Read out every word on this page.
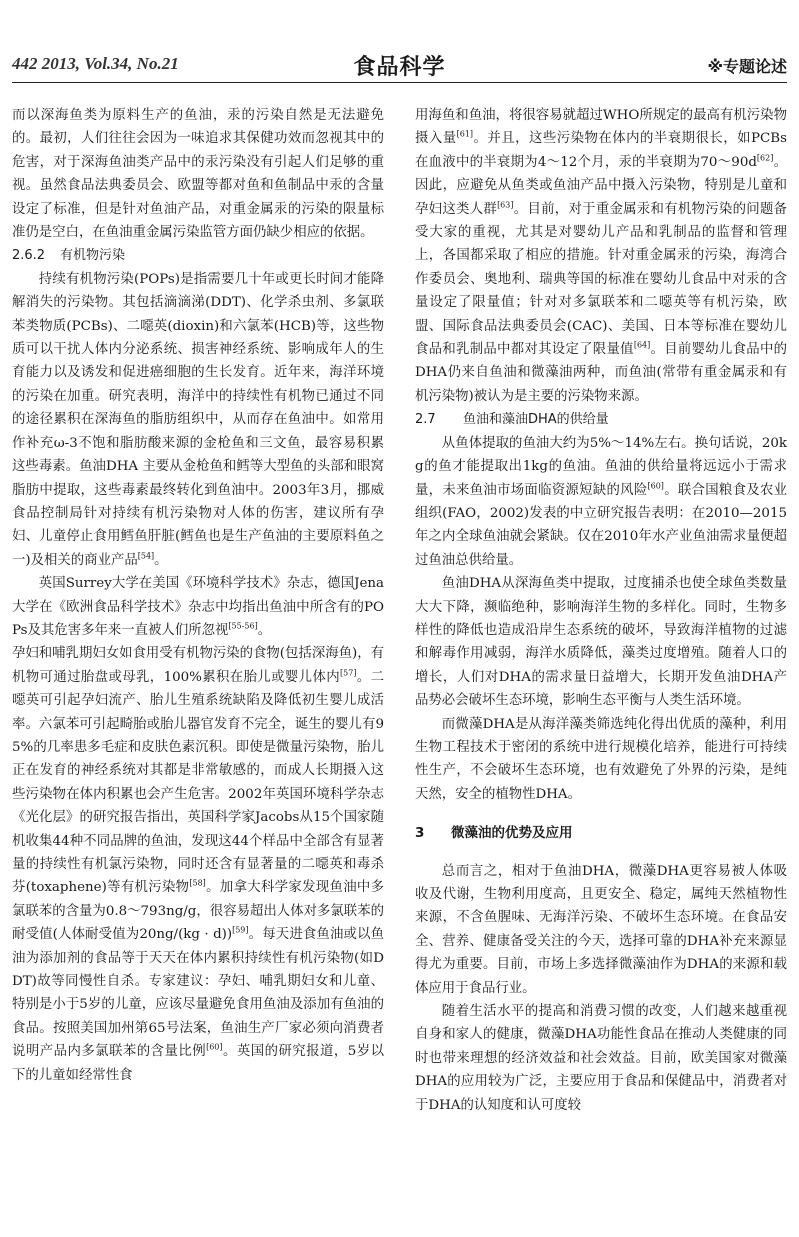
442 2013, Vol.34, No.21	食品科学	※专题论述

而以深海鱼类为原料生产的鱼油，汞的污染自然是无法避免的。最初，人们往往会因为一味追求其保健功效而忽视其中的危害，对于深海鱼油类产品中的汞污染没有引起人们足够的重视。虽然食品法典委员会、欧盟等都对鱼和鱼制品中汞的含量设定了标准，但是针对鱼油产品，对重金属汞的污染的限量标准仍是空白，在鱼油重金属污染监管方面仍缺少相应的依据。

2.6.2 有机物污染

持续有机物污染(POPs)是指需要几十年或更长时间才能降解消失的污染物。其包括滴滴涕(DDT)、化学杀虫剂、多氯联苯类物质(PCBs)、二噁英(dioxin)和六氯苯(HCB)等，这些物质可以干扰人体内分泌系统、损害神经系统、影响成年人的生育能力以及诱发和促进癌细胞的生长发育。近年来，海洋环境的污染在加重。研究表明，海洋中的持续性有机物已通过不同的途径累积在深海鱼的脂肪组织中，从而存在鱼油中。如常用作补充ω-3不饱和脂肪酸来源的金枪鱼和三文鱼，最容易积累这些毒素。鱼油DHA 主要从金枪鱼和鳕等大型鱼的头部和眼窝脂肪中提取，这些毒素最终转化到鱼油中。2003年3月，挪威食品控制局针对持续有机污染物对人体的伤害，建议所有孕妇、儿童停止食用鳕鱼肝脏(鳕鱼也是生产鱼油的主要原料鱼之一)及相关的商业产品[54]。

英国Surrey大学在美国《环境科学技术》杂志，德国Jena大学在《欧洲食品科学技术》杂志中均指出鱼油中所含有的POPs及其危害多年来一直被人们所忽视[55-56]。

孕妇和哺乳期妇女如食用受有机物污染的食物(包括深海鱼)，有机物可通过胎盘或母乳，100%累积在胎儿或婴儿体内[57]。二噁英可引起孕妇流产、胎儿生殖系统缺陷及降低初生婴儿成活率。六氯苯可引起畸胎或胎儿器官发育不完全，诞生的婴儿有95%的几率患多毛症和皮肤色素沉积。即使是微量污染物，胎儿正在发育的神经系统对其都是非常敏感的，而成人长期摄入这些污染物在体内积累也会产生危害。2002年英国环境科学杂志《光化层》的研究报告指出，英国科学家Jacobs从15个国家随机收集44种不同品牌的鱼油，发现这44个样品中全部含有显著量的持续性有机氯污染物，同时还含有显著量的二噁英和毒杀芬(toxaphene)等有机污染物[58]。加拿大科学家发现鱼油中多氯联苯的含量为0.8～793ng/g，很容易超出人体对多氯联苯的耐受值(人体耐受值为20ng/(kg · d))[59]。每天进食鱼油或以鱼油为添加剂的食品等于天天在体内累积持续性有机污染物(如DDT)故等同慢性自杀。专家建议：孕妇、哺乳期妇女和儿童、特别是小于5岁的儿童，应该尽量避免食用鱼油及添加有鱼油的食品。按照美国加州第65号法案，鱼油生产厂家必须向消费者说明产品内多氯联苯的含量比例[60]。英国的研究报道，5岁以下的儿童如经常性食

用海鱼和鱼油，将很容易就超过WHO所规定的最高有机污染物摄入量[61]。并且，这些污染物在体内的半衰期很长，如PCBs在血液中的半衰期为4～12个月，汞的半衰期为70～90d[62]。因此，应避免从鱼类或鱼油产品中摄入污染物，特别是儿童和孕妇这类人群[63]。目前，对于重金属汞和有机物污染的问题备受大家的重视，尤其是对婴幼儿产品和乳制品的监督和管理上，各国都采取了相应的措施。针对重金属汞的污染，海湾合作委员会、奥地利、瑞典等国的标准在婴幼儿食品中对汞的含量设定了限量值；针对对多氯联苯和二噁英等有机污染，欧盟、国际食品法典委员会(CAC)、美国、日本等标准在婴幼儿食品和乳制品中都对其设定了限量值[64]。目前婴幼儿食品中的DHA仍来自鱼油和微藻油两种，而鱼油(常带有重金属汞和有机污染物)被认为是主要的污染物来源。

2.7 鱼油和藻油DHA的供给量

从鱼体提取的鱼油大约为5%～14%左右。换句话说，20kg的鱼才能提取出1kg的鱼油。鱼油的供给量将远远小于需求量，未来鱼油市场面临资源短缺的风险[60]。联合国粮食及农业组织(FAO，2002)发表的中立研究报告表明：在2010—2015年之内全球鱼油就会紧缺。仅在2010年水产业鱼油需求量便超过鱼油总供给量。

鱼油DHA从深海鱼类中提取，过度捕杀也使全球鱼类数量大大下降，濒临绝种，影响海洋生物的多样化。同时，生物多样性的降低也造成沿岸生态系统的破坏，导致海洋植物的过滤和解毒作用减弱，海洋水质降低，藻类过度增殖。随着人口的增长，人们对DHA的需求量日益增大，长期开发鱼油DHA产品势必会破坏生态环境，影响生态平衡与人类生活环境。

而微藻DHA是从海洋藻类筛选纯化得出优质的藻种，利用生物工程技术于密闭的系统中进行规模化培养，能进行可持续性生产，不会破坏生态环境，也有效避免了外界的污染，是纯天然，安全的植物性DHA。

3 微藻油的优势及应用

总而言之，相对于鱼油DHA，微藻DHA更容易被人体吸收及代谢，生物利用度高，且更安全、稳定，属纯天然植物性来源，不含鱼腥味、无海洋污染、不破坏生态环境。在食品安全、营养、健康备受关注的今天，选择可靠的DHA补充来源显得尤为重要。目前，市场上多选择微藻油作为DHA的来源和载体应用于食品行业。

随着生活水平的提高和消费习惯的改变，人们越来越重视自身和家人的健康，微藻DHA功能性食品在推动人类健康的同时也带来理想的经济效益和社会效益。目前，欧美国家对微藻DHA的应用较为广泛，主要应用于食品和保健品中，消费者对于DHA的认知度和认可度较
